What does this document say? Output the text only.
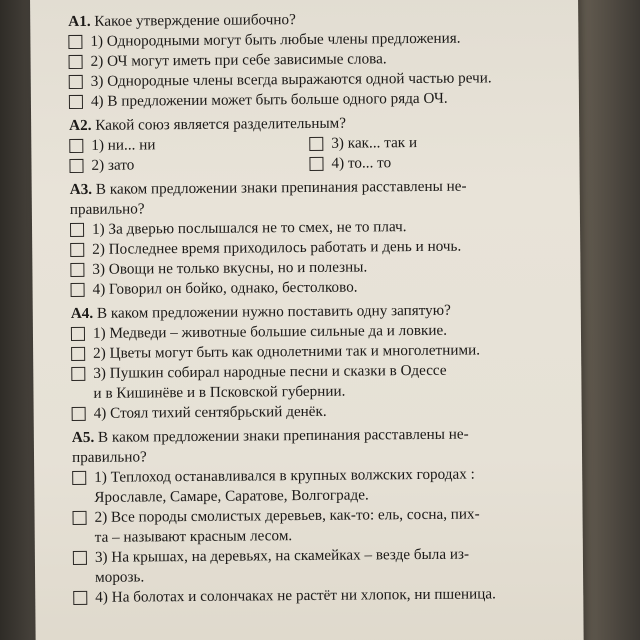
А1. Какое утверждение ошибочно?

1) Однородными могут быть любые члены предложения.

2) ОЧ могут иметь при себе зависимые слова.

3) Однородные члены всегда выражаются одной частью речи.

4) В предложении может быть больше одного ряда ОЧ.

А2. Какой союз является разделительным?

1) ни... ни	3) как... так и

2) зато	4) то... то

А3. В каком предложении знаки препинания расставлены не-

правильно?

1) За дверью послышался не то смех, не то плач.

2) Последнее время приходилось работать и день и ночь.

3) Овощи не только вкусны, но и полезны.

4) Говорил он бойко, однако, бестолково.

А4. В каком предложении нужно поставить одну запятую?

1) Медведи – животные большие сильные да и ловкие.

2) Цветы могут быть как однолетними так и многолетними.

3) Пушкин собирал народные песни и сказки в Одессе

и в Кишинёве и в Псковской губернии.

4) Стоял тихий сентябрьский денёк.

А5. В каком предложении знаки препинания расставлены не-

правильно?

1) Теплоход останавливался в крупных волжских городах :

Ярославле, Самаре, Саратове, Волгограде.

2) Все породы смолистых деревьев, как-то: ель, сосна, пих-

та – называют красным лесом.

3) На крышах, на деревьях, на скамейках – везде была из-

морозь.

4) На болотах и солончаках не растёт ни хлопок, ни пшеница.
